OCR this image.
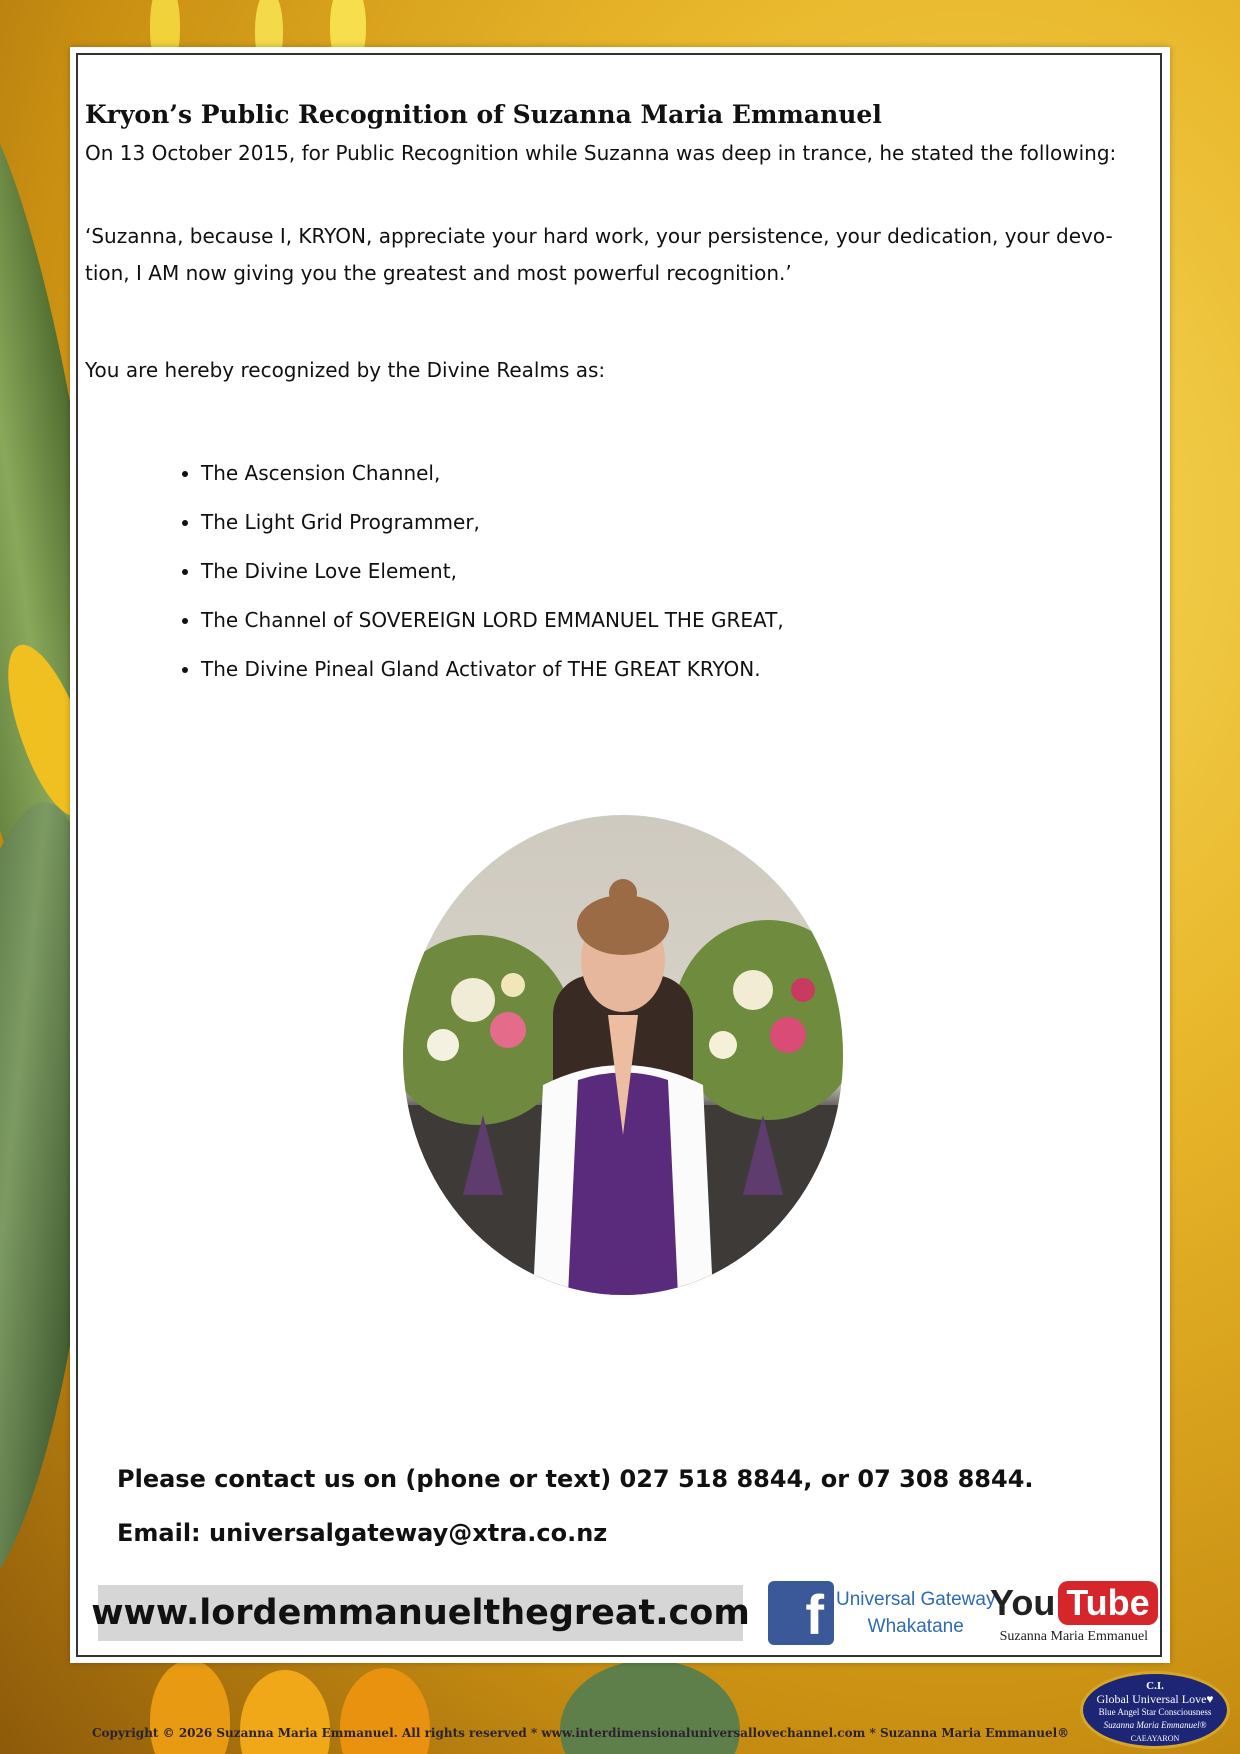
Kryon’s Public Recognition of Suzanna Maria Emmanuel

On 13 October 2015, for Public Recognition while Suzanna was deep in trance, he stated the following:

‘Suzanna, because I, KRYON, appreciate your hard work, your persistence, your dedication, your devo-

tion, I AM now giving you the greatest and most powerful recognition.’

You are hereby recognized by the Divine Realms as:

• The Ascension Channel,
• The Light Grid Programmer,
• The Divine Love Element,
• The Channel of SOVEREIGN LORD EMMANUEL THE GREAT,
• The Divine Pineal Gland Activator of THE GREAT KRYON.

Please contact us on (phone or text) 027 518 8844, or 07 308 8844.

Email: universalgateway@xtra.co.nz

www.lordemmanuelthegreat.com f Universal Gateway
Whakatane
You Tube
Suzanna Maria Emmanuel
Copyright © 2026 Suzanna Maria Emmanuel. All rights reserved * www.interdimensionaluniversallovechannel.com * Suzanna Maria Emmanuel®
C.I.
Global Universal Love♥
Blue Angel Star Consciousness
Suzanna Maria Emmanuel®
CAEAYARON
